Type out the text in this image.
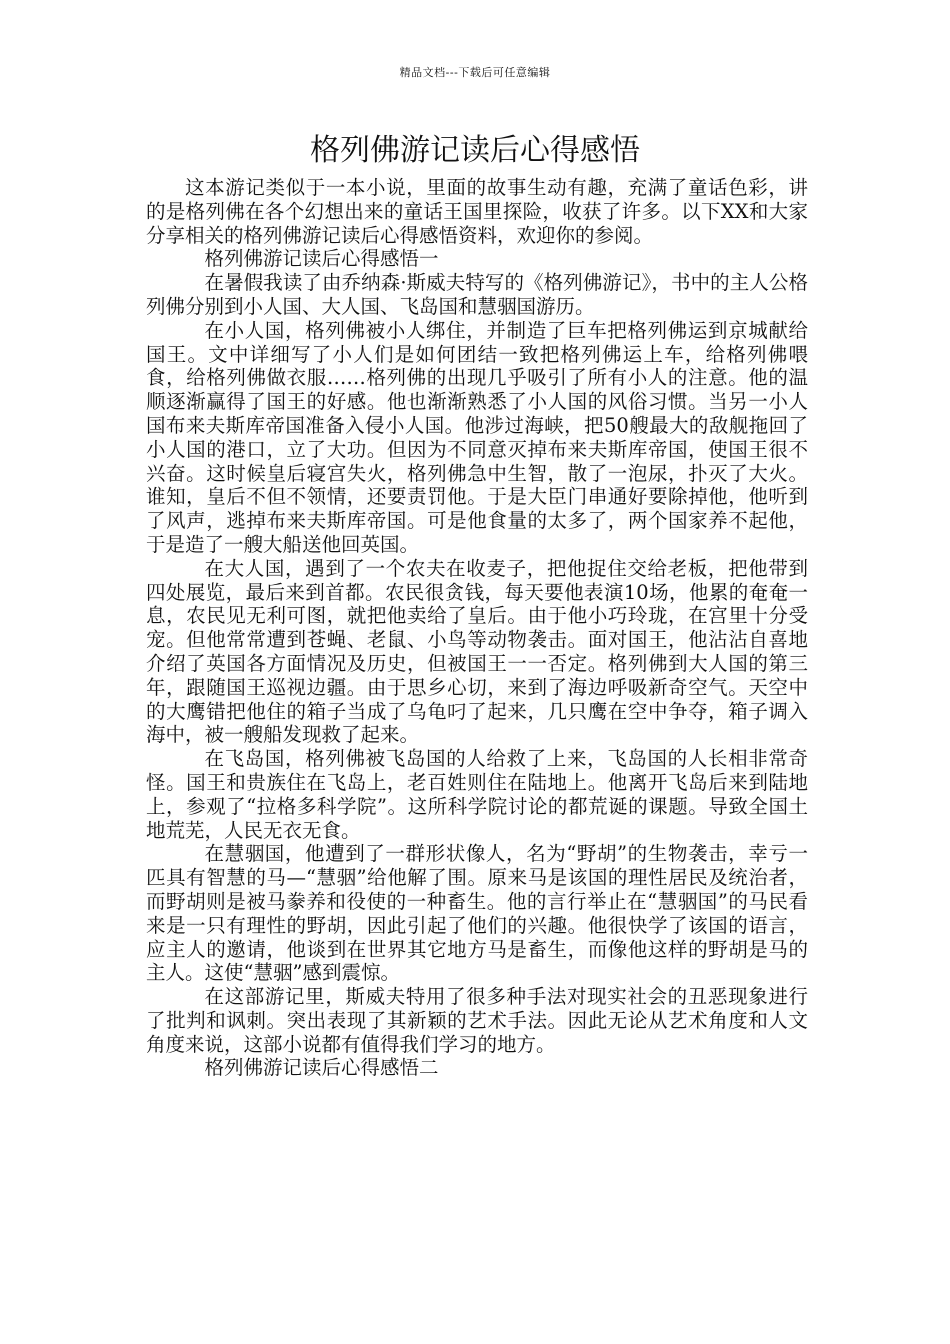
精品文档---下载后可任意编辑
格列佛游记读后心得感悟

这本游记类似于一本小说，里面的故事生动有趣，充满了童话色彩，讲的是格列佛在各个幻想出来的童话王国里探险，收获了许多。以下XX和大家分享相关的格列佛游记读后心得感悟资料，欢迎你的参阅。

格列佛游记读后心得感悟一

在暑假我读了由乔纳森·斯威夫特写的《格列佛游记》，书中的主人公格列佛分别到小人国、大人国、飞岛国和慧骃国游历。

在小人国，格列佛被小人绑住，并制造了巨车把格列佛运到京城献给国王。文中详细写了小人们是如何团结一致把格列佛运上车，给格列佛喂食，给格列佛做衣服……格列佛的出现几乎吸引了所有小人的注意。他的温顺逐渐赢得了国王的好感。他也渐渐熟悉了小人国的风俗习惯。当另一小人国布来夫斯库帝国准备入侵小人国。他涉过海峡，把50艘最大的敌舰拖回了小人国的港口，立了大功。但因为不同意灭掉布来夫斯库帝国，使国王很不兴奋。这时候皇后寝宫失火，格列佛急中生智，散了一泡尿，扑灭了大火。谁知，皇后不但不领情，还要责罚他。于是大臣门串通好要除掉他，他听到了风声，逃掉布来夫斯库帝国。可是他食量的太多了，两个国家养不起他，于是造了一艘大船送他回英国。

在大人国，遇到了一个农夫在收麦子，把他捉住交给老板，把他带到四处展览，最后来到首都。农民很贪钱，每天要他表演10场，他累的奄奄一息，农民见无利可图，就把他卖给了皇后。由于他小巧玲珑，在宫里十分受宠。但他常常遭到苍蝇、老鼠、小鸟等动物袭击。面对国王，他沾沾自喜地介绍了英国各方面情况及历史，但被国王一一否定。格列佛到大人国的第三年，跟随国王巡视边疆。由于思乡心切，来到了海边呼吸新奇空气。天空中的大鹰错把他住的箱子当成了乌龟叼了起来，几只鹰在空中争夺，箱子调入海中，被一艘船发现救了起来。

在飞岛国，格列佛被飞岛国的人给救了上来，飞岛国的人长相非常奇怪。国王和贵族住在飞岛上，老百姓则住在陆地上。他离开飞岛后来到陆地上，参观了“拉格多科学院”。这所科学院讨论的都荒诞的课题。导致全国土地荒芜，人民无衣无食。

在慧骃国，他遭到了一群形状像人，名为“野胡”的生物袭击，幸亏一匹具有智慧的马—“慧骃”给他解了围。原来马是该国的理性居民及统治者，而野胡则是被马豢养和役使的一种畜生。他的言行举止在“慧骃国”的马民看来是一只有理性的野胡，因此引起了他们的兴趣。他很快学了该国的语言，应主人的邀请，他谈到在世界其它地方马是畜生，而像他这样的野胡是马的主人。这使“慧骃”感到震惊。

在这部游记里，斯威夫特用了很多种手法对现实社会的丑恶现象进行了批判和讽刺。突出表现了其新颖的艺术手法。因此无论从艺术角度和人文角度来说，这部小说都有值得我们学习的地方。

格列佛游记读后心得感悟二
